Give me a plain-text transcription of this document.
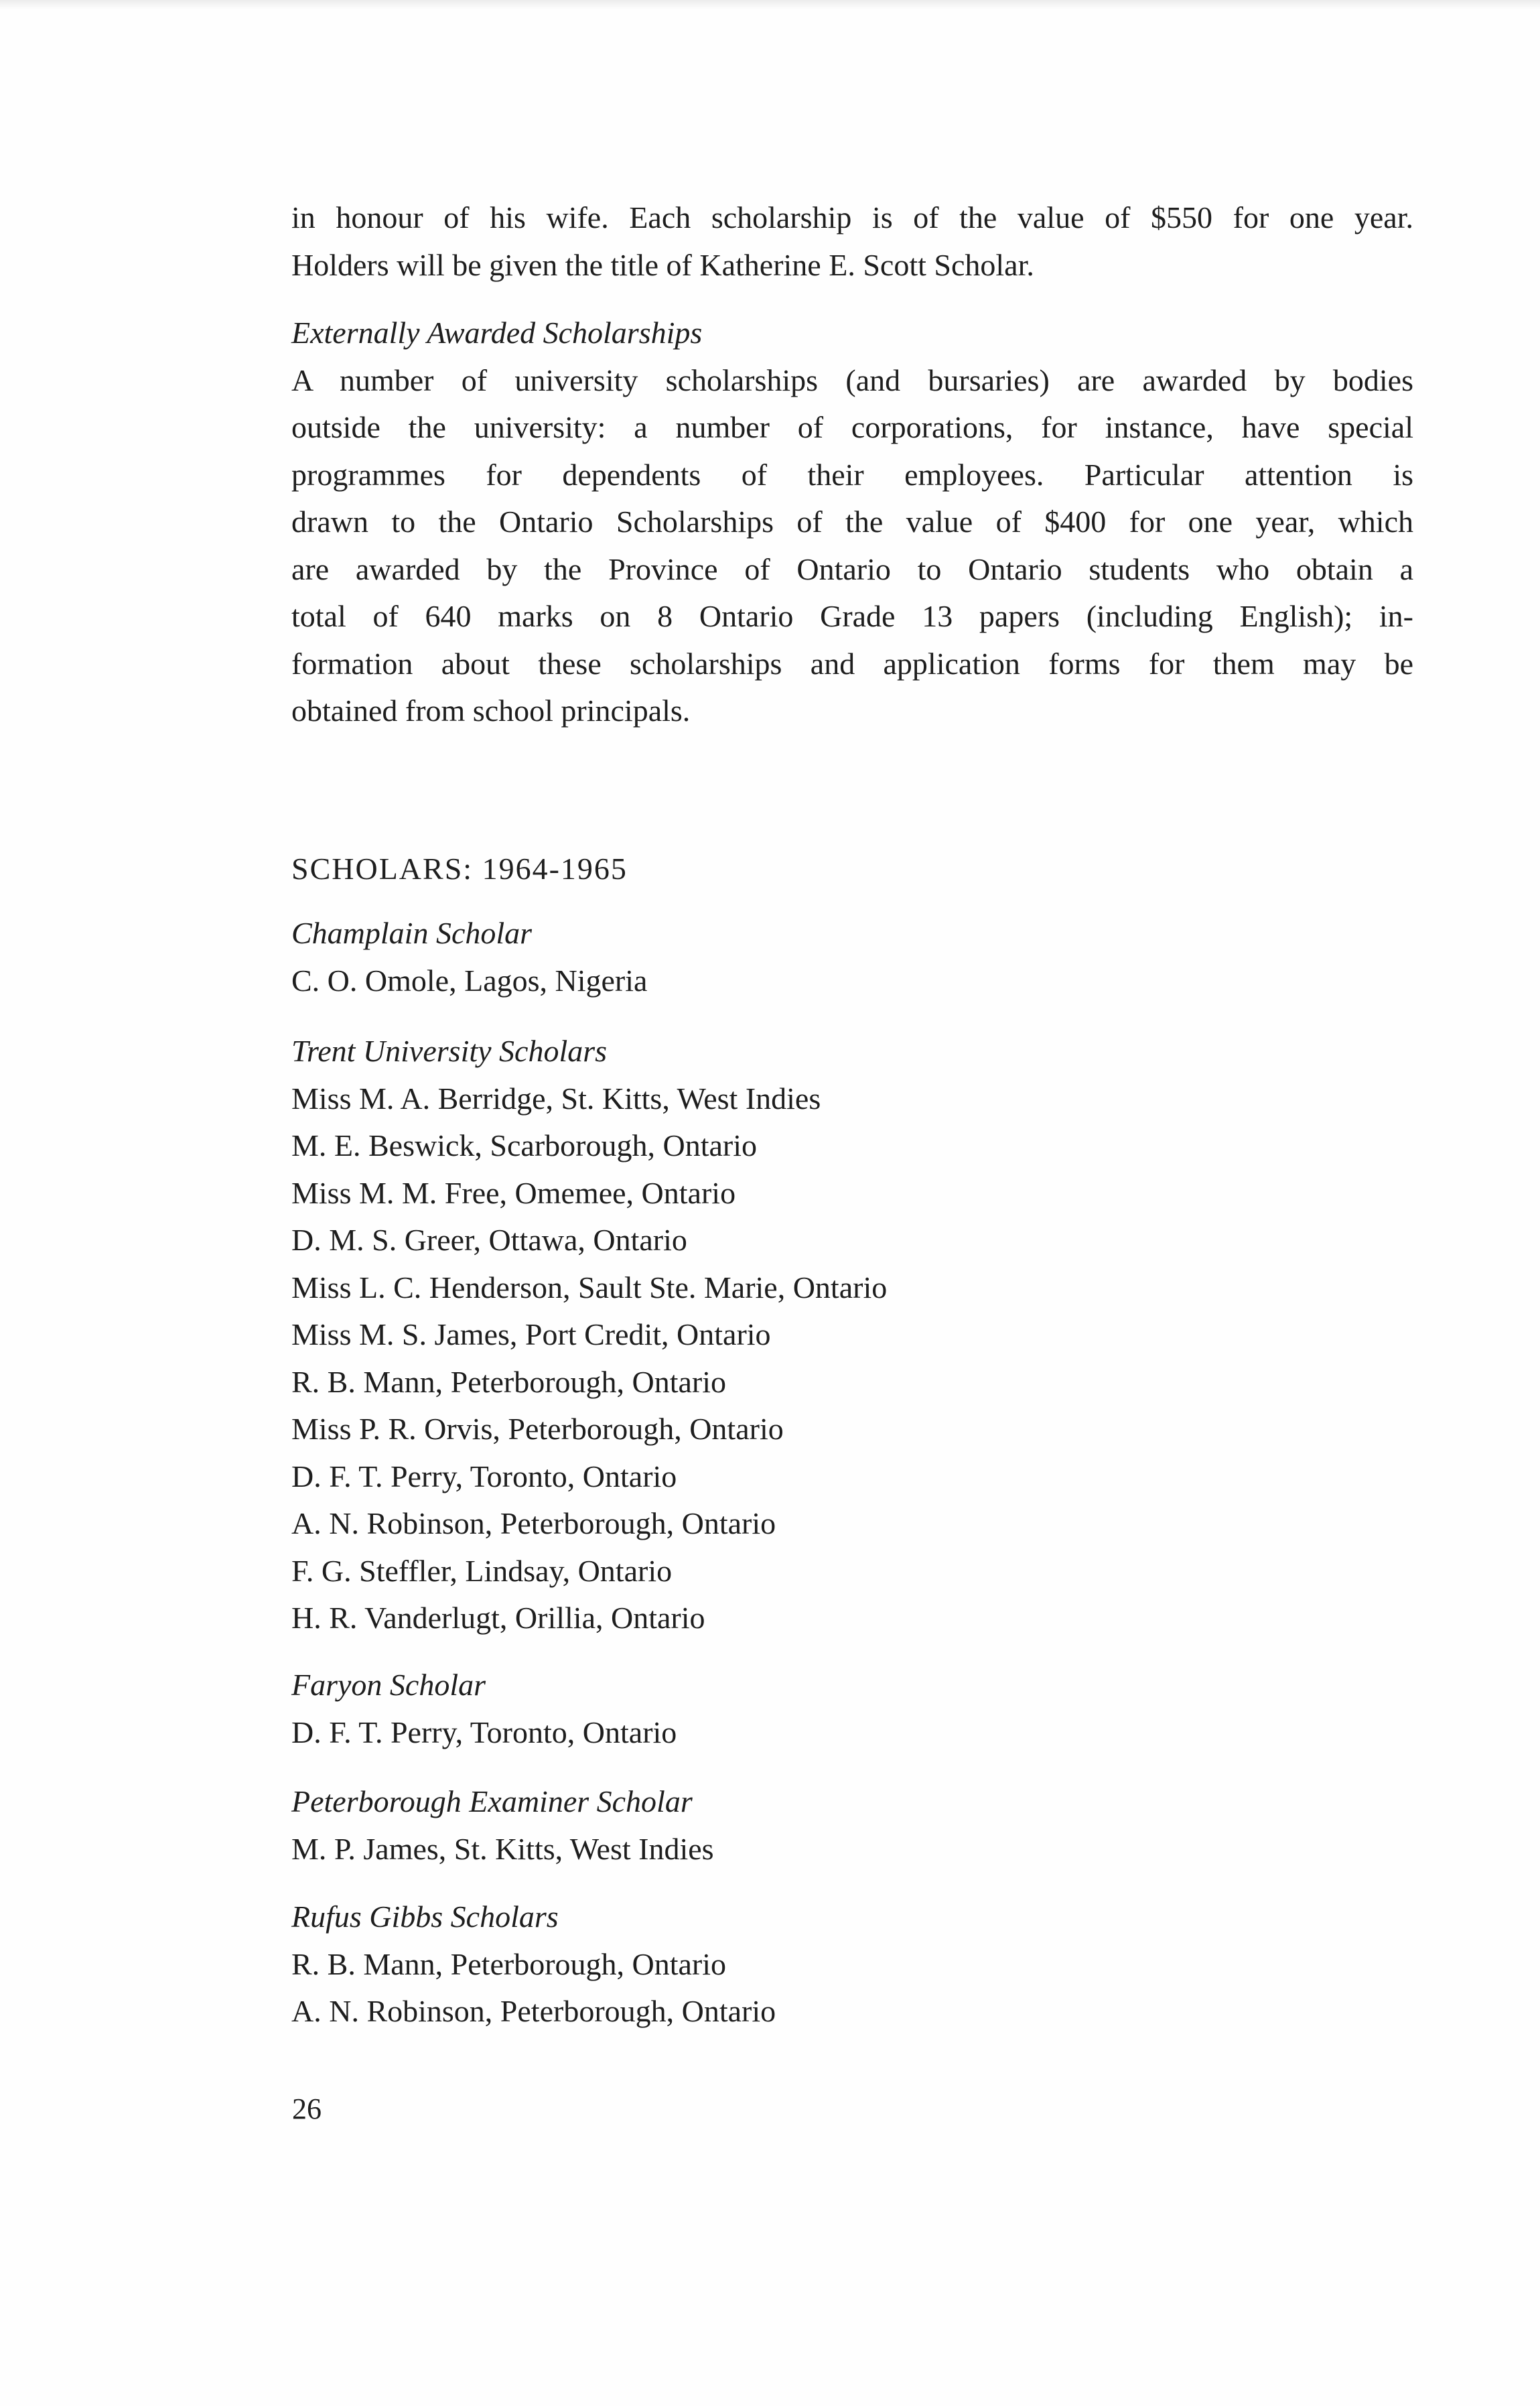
in honour of his wife. Each scholarship is of the value of $550 for one year.
Holders will be given the title of Katherine E. Scott Scholar.

Externally Awarded Scholarships

A number of university scholarships (and bursaries) are awarded by bodies
outside the university: a number of corporations, for instance, have special
programmes for dependents of their employees. Particular attention is
drawn to the Ontario Scholarships of the value of $400 for one year, which
are awarded by the Province of Ontario to Ontario students who obtain a
total of 640 marks on 8 Ontario Grade 13 papers (including English); in-
formation about these scholarships and application forms for them may be
obtained from school principals.

SCHOLARS: 1964-1965

Champlain Scholar

C. O. Omole, Lagos, Nigeria

Trent University Scholars

Miss M. A. Berridge, St. Kitts, West Indies
M. E. Beswick, Scarborough, Ontario
Miss M. M. Free, Omemee, Ontario
D. M. S. Greer, Ottawa, Ontario
Miss L. C. Henderson, Sault Ste. Marie, Ontario
Miss M. S. James, Port Credit, Ontario
R. B. Mann, Peterborough, Ontario
Miss P. R. Orvis, Peterborough, Ontario
D. F. T. Perry, Toronto, Ontario
A. N. Robinson, Peterborough, Ontario
F. G. Steffler, Lindsay, Ontario
H. R. Vanderlugt, Orillia, Ontario

Faryon Scholar

D. F. T. Perry, Toronto, Ontario

Peterborough Examiner Scholar

M. P. James, St. Kitts, West Indies

Rufus Gibbs Scholars

R. B. Mann, Peterborough, Ontario
A. N. Robinson, Peterborough, Ontario
26
